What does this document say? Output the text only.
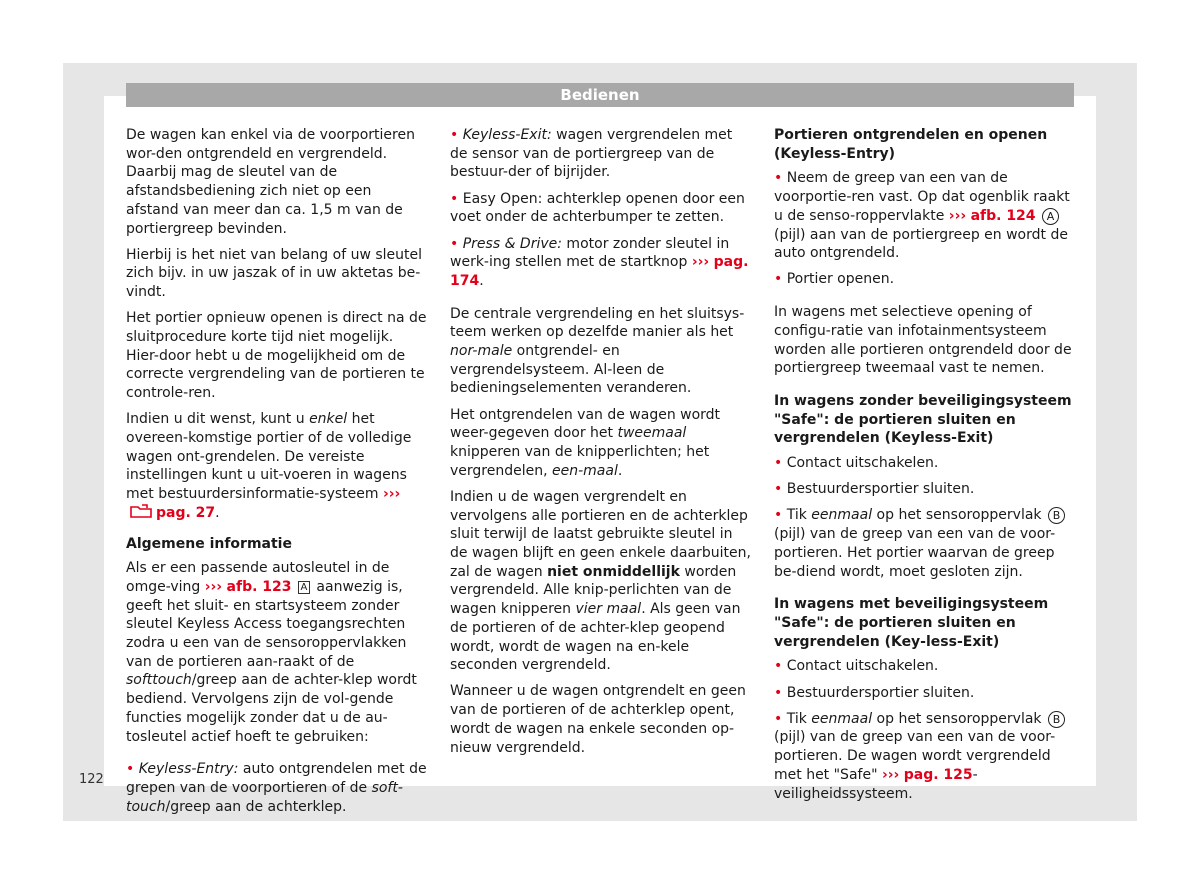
Bedienen

De wagen kan enkel via de voorportieren wor-den ontgrendeld en vergrendeld. Daarbij mag de sleutel van de afstandsbediening zich niet op een afstand van meer dan ca. 1,5 m van de portiergreep bevinden.

Hierbij is het niet van belang of uw sleutel zich bijv. in uw jaszak of in uw aktetas be-vindt.

Het portier opnieuw openen is direct na de sluitprocedure korte tijd niet mogelijk. Hier-door hebt u de mogelijkheid om de correcte vergrendeling van de portieren te controle-ren.

Indien u dit wenst, kunt u enkel het overeen-komstige portier of de volledige wagen ont-grendelen. De vereiste instellingen kunt u uit-voeren in wagens met bestuurdersinformatie-systeem ›››pag. 27.

Algemene informatie

Als er een passende autosleutel in de omge-ving ››› afb. 123 A aanwezig is, geeft het sluit- en startsysteem zonder sleutel Keyless Access toegangsrechten zodra u een van de sensoroppervlakken van de portieren aan-raakt of de softtouch/greep aan de achter-klep wordt bediend. Vervolgens zijn de vol-gende functies mogelijk zonder dat u de au-tosleutel actief hoeft te gebruiken:

• Keyless-Entry: auto ontgrendelen met de grepen van de voorportieren of de soft-touch/greep aan de achterklep.

• Keyless-Exit: wagen vergrendelen met de sensor van de portiergreep van de bestuur-der of bijrijder.

• Easy Open: achterklep openen door een voet onder de achterbumper te zetten.

• Press & Drive: motor zonder sleutel in werk-ing stellen met de startknop ››› pag. 174.

De centrale vergrendeling en het sluitsys-teem werken op dezelfde manier als het nor-male ontgrendel- en vergrendelsysteem. Al-leen de bedieningselementen veranderen.

Het ontgrendelen van de wagen wordt weer-gegeven door het tweemaal knipperen van de knipperlichten; het vergrendelen, een-maal.

Indien u de wagen vergrendelt en vervolgens alle portieren en de achterklep sluit terwijl de laatst gebruikte sleutel in de wagen blijft en geen enkele daarbuiten, zal de wagen niet onmiddellijk worden vergrendeld. Alle knip-perlichten van de wagen knipperen vier maal. Als geen van de portieren of de achter-klep geopend wordt, wordt de wagen na en-kele seconden vergrendeld.

Wanneer u de wagen ontgrendelt en geen van de portieren of de achterklep opent, wordt de wagen na enkele seconden op-nieuw vergrendeld.

Portieren ontgrendelen en openen (Keyless-Entry)

• Neem de greep van een van de voorportie-ren vast. Op dat ogenblik raakt u de senso-roppervlakte ››› afb. 124 A (pijl) aan van de portiergreep en wordt de auto ontgrendeld.

• Portier openen.

In wagens met selectieve opening of configu-ratie van infotainmentsysteem worden alle portieren ontgrendeld door de portiergreep tweemaal vast te nemen.

In wagens zonder beveiligingsysteem "Safe": de portieren sluiten en vergrendelen (Keyless-Exit)

• Contact uitschakelen.

• Bestuurdersportier sluiten.

• Tik eenmaal op het sensoroppervlak B (pijl) van de greep van een van de voor-portieren. Het portier waarvan de greep be-diend wordt, moet gesloten zijn.

In wagens met beveiligingsysteem "Safe": de portieren sluiten en vergrendelen (Key-less-Exit)

• Contact uitschakelen.

• Bestuurdersportier sluiten.

• Tik eenmaal op het sensoroppervlak B (pijl) van de greep van een van de voor-portieren. De wagen wordt vergrendeld met het "Safe" ››› pag. 125-veiligheidssysteem.

122
